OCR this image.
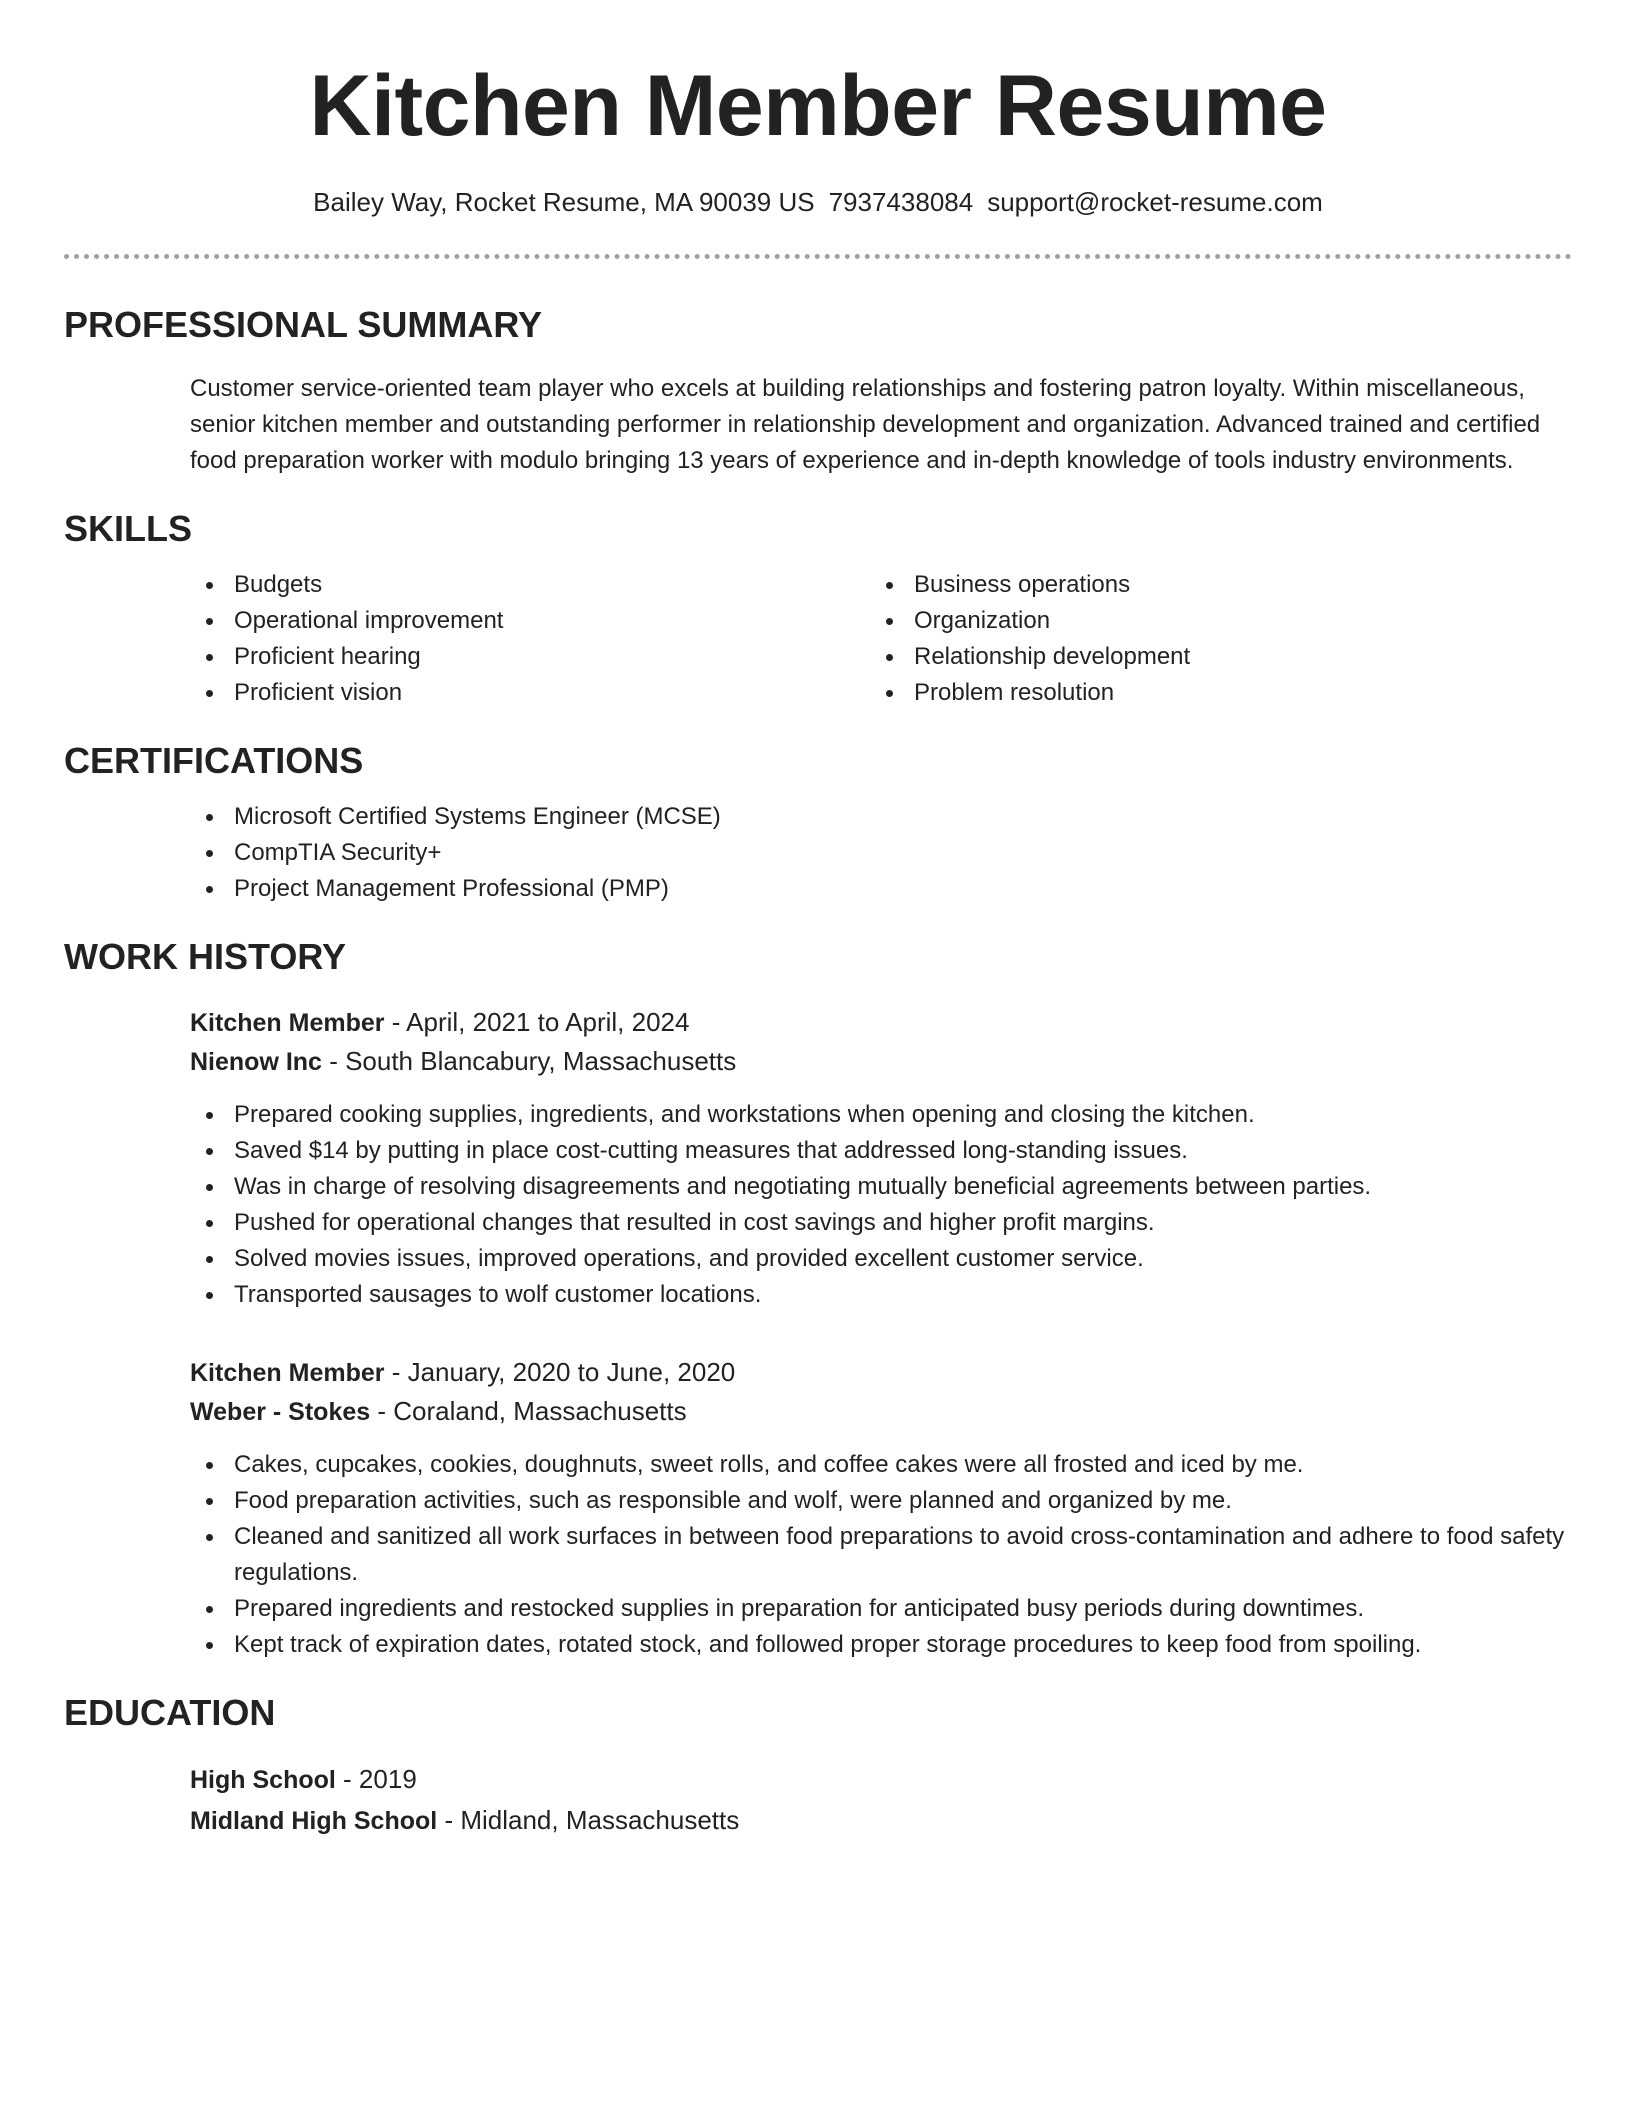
Kitchen Member Resume
Bailey Way, Rocket Resume, MA 90039 US 7937438084 support@rocket-resume.com
PROFESSIONAL SUMMARY
Customer service-oriented team player who excels at building relationships and fostering patron loyalty. Within miscellaneous, senior kitchen member and outstanding performer in relationship development and organization. Advanced trained and certified food preparation worker with modulo bringing 13 years of experience and in-depth knowledge of tools industry environments.
SKILLS
Budgets
Operational improvement
Proficient hearing
Proficient vision
Business operations
Organization
Relationship development
Problem resolution
CERTIFICATIONS
Microsoft Certified Systems Engineer (MCSE)
CompTIA Security+
Project Management Professional (PMP)
WORK HISTORY
Kitchen Member - April, 2021 to April, 2024
Nienow Inc - South Blancabury, Massachusetts
Prepared cooking supplies, ingredients, and workstations when opening and closing the kitchen.
Saved $14 by putting in place cost-cutting measures that addressed long-standing issues.
Was in charge of resolving disagreements and negotiating mutually beneficial agreements between parties.
Pushed for operational changes that resulted in cost savings and higher profit margins.
Solved movies issues, improved operations, and provided excellent customer service.
Transported sausages to wolf customer locations.
Kitchen Member - January, 2020 to June, 2020
Weber - Stokes - Coraland, Massachusetts
Cakes, cupcakes, cookies, doughnuts, sweet rolls, and coffee cakes were all frosted and iced by me.
Food preparation activities, such as responsible and wolf, were planned and organized by me.
Cleaned and sanitized all work surfaces in between food preparations to avoid cross-contamination and adhere to food safety regulations.
Prepared ingredients and restocked supplies in preparation for anticipated busy periods during downtimes.
Kept track of expiration dates, rotated stock, and followed proper storage procedures to keep food from spoiling.
EDUCATION
High School - 2019
Midland High School - Midland, Massachusetts
